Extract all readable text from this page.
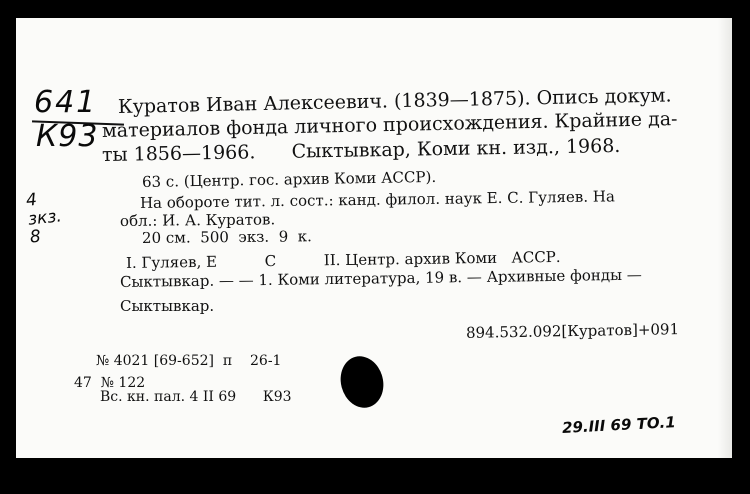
641
К93
4
зкз.
8
Куратов Иван Алексеевич. (1839—1875). Опись докум.
материалов фонда личного происхождения. Крайние да-
ты 1856—1966.      Сыктывкар, Коми кн. изд., 1968.
63 с. (Центр. гос. архив Коми АССР).
На обороте тит. л. сост.: канд. филол. наук Е. С. Гуляев. На
обл.: И. А. Куратов.
20 см.  500  экз.  9  к.
I. Гуляев, Е          С          II. Центр. архив Коми   АССР.
Сыктывкар. — — 1. Коми литература, 19 в. — Архивные фонды —
Сыктывкар.
894.532.092[Куратов]+091
№ 4021 [69-652]  п    26-1
47  № 122
Вс. кн. пал. 4 II 69      К93
29.III 69 ТО.1
